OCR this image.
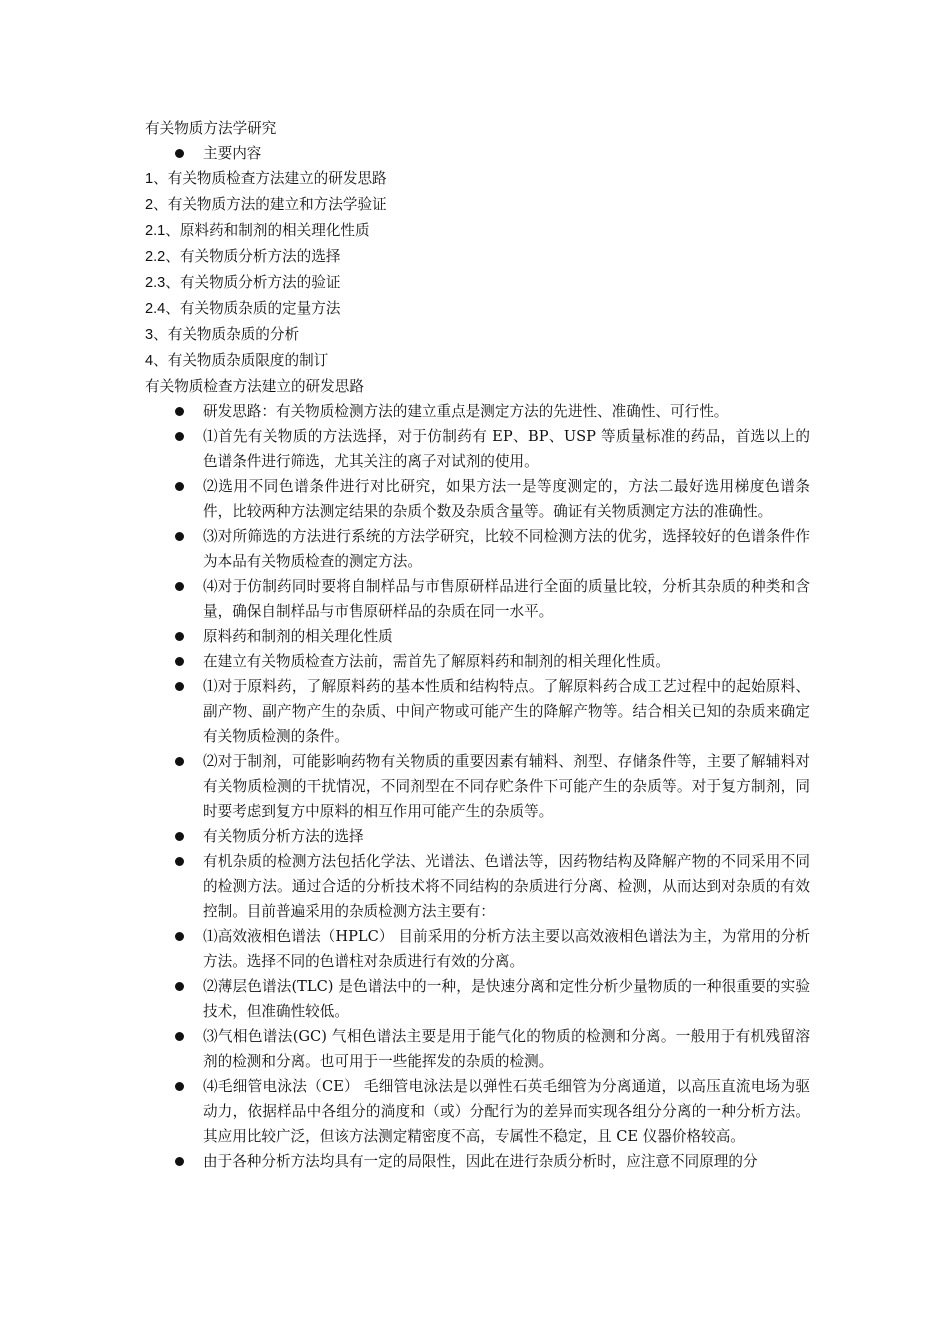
有关物质方法学研究
主要内容
1、有关物质检查方法建立的研发思路
2、有关物质方法的建立和方法学验证
2.1、原料药和制剂的相关理化性质
2.2、有关物质分析方法的选择
2.3、有关物质分析方法的验证
2.4、有关物质杂质的定量方法
3、有关物质杂质的分析
4、有关物质杂质限度的制订
有关物质检查方法建立的研发思路
研发思路：有关物质检测方法的建立重点是测定方法的先进性、准确性、可行性。
⑴首先有关物质的方法选择，对于仿制药有 EP、BP、USP 等质量标准的药品，首选以上的色谱条件进行筛选，尤其关注的离子对试剂的使用。
⑵选用不同色谱条件进行对比研究，如果方法一是等度测定的，方法二最好选用梯度色谱条件，比较两种方法测定结果的杂质个数及杂质含量等。确证有关物质测定方法的准确性。
⑶对所筛选的方法进行系统的方法学研究，比较不同检测方法的优劣，选择较好的色谱条件作为本品有关物质检查的测定方法。
⑷对于仿制药同时要将自制样品与市售原研样品进行全面的质量比较，分析其杂质的种类和含量，确保自制样品与市售原研样品的杂质在同一水平。
原料药和制剂的相关理化性质
在建立有关物质检查方法前，需首先了解原料药和制剂的相关理化性质。
⑴对于原料药，了解原料药的基本性质和结构特点。了解原料药合成工艺过程中的起始原料、副产物、副产物产生的杂质、中间产物或可能产生的降解产物等。结合相关已知的杂质来确定有关物质检测的条件。
⑵对于制剂，可能影响药物有关物质的重要因素有辅料、剂型、存储条件等，主要了解辅料对有关物质检测的干扰情况，不同剂型在不同存贮条件下可能产生的杂质等。对于复方制剂，同时要考虑到复方中原料的相互作用可能产生的杂质等。
有关物质分析方法的选择
有机杂质的检测方法包括化学法、光谱法、色谱法等，因药物结构及降解产物的不同采用不同的检测方法。通过合适的分析技术将不同结构的杂质进行分离、检测，从而达到对杂质的有效控制。目前普遍采用的杂质检测方法主要有：
⑴高效液相色谱法（HPLC） 目前采用的分析方法主要以高效液相色谱法为主，为常用的分析方法。选择不同的色谱柱对杂质进行有效的分离。
⑵薄层色谱法(TLC) 是色谱法中的一种，是快速分离和定性分析少量物质的一种很重要的实验技术，但准确性较低。
⑶气相色谱法(GC) 气相色谱法主要是用于能气化的物质的检测和分离。一般用于有机残留溶剂的检测和分离。也可用于一些能挥发的杂质的检测。
⑷毛细管电泳法（CE） 毛细管电泳法是以弹性石英毛细管为分离通道，以高压直流电场为驱动力，依据样品中各组分的淌度和（或）分配行为的差异而实现各组分分离的一种分析方法。其应用比较广泛，但该方法测定精密度不高，专属性不稳定，且 CE 仪器价格较高。
由于各种分析方法均具有一定的局限性，因此在进行杂质分析时，应注意不同原理的分
